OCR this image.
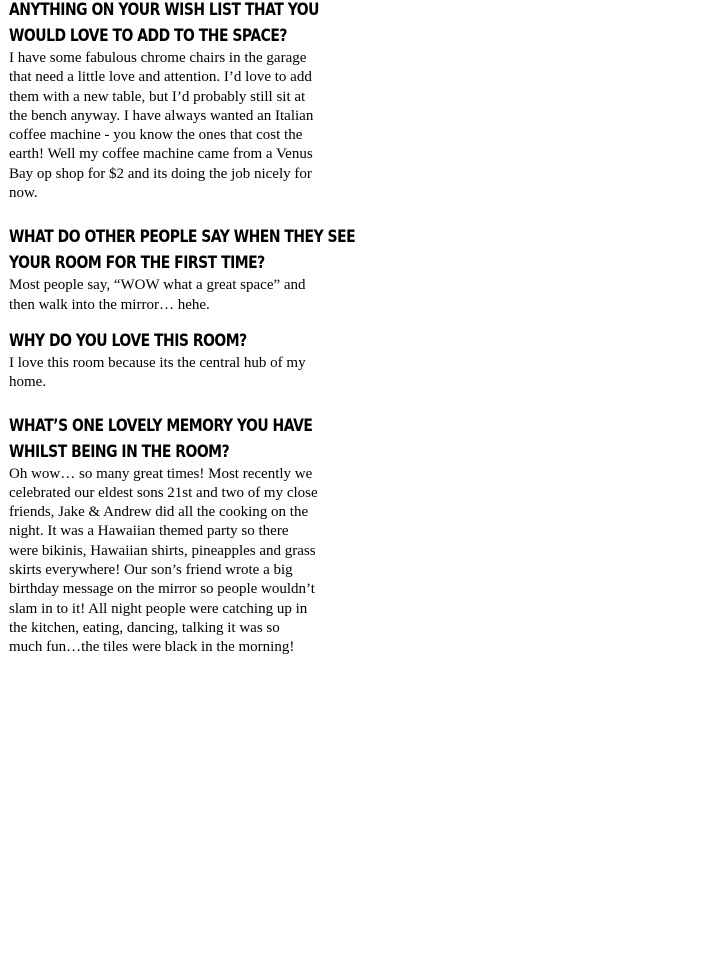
ANYTHING ON YOUR WISH LIST THAT YOU WOULD LOVE TO ADD TO THE SPACE?

I have some fabulous chrome chairs in the garage
that need a little love and attention. I’d love to add
them with a new table, but I’d probably still sit at
the bench anyway. I have always wanted an Italian
coffee machine - you know the ones that cost the
earth! Well my coffee machine came from a Venus
Bay op shop for $2 and its doing the job nicely for
now.

WHAT DO OTHER PEOPLE SAY WHEN THEY SEE YOUR ROOM FOR THE FIRST TIME?

Most people say, “WOW what a great space” and
then walk into the mirror… hehe.

WHY DO YOU LOVE THIS ROOM?

I love this room because its the central hub of my
home.

WHAT’S ONE LOVELY MEMORY YOU HAVE WHILST BEING IN THE ROOM?

Oh wow… so many great times! Most recently we
celebrated our eldest sons 21st and two of my close
friends, Jake & Andrew did all the cooking on the
night. It was a Hawaiian themed party so there
were bikinis, Hawaiian shirts, pineapples and grass
skirts everywhere! Our son’s friend wrote a big
birthday message on the mirror so people wouldn’t
slam in to it! All night people were catching up in
the kitchen, eating, dancing, talking it was so
much fun…the tiles were black in the morning!
